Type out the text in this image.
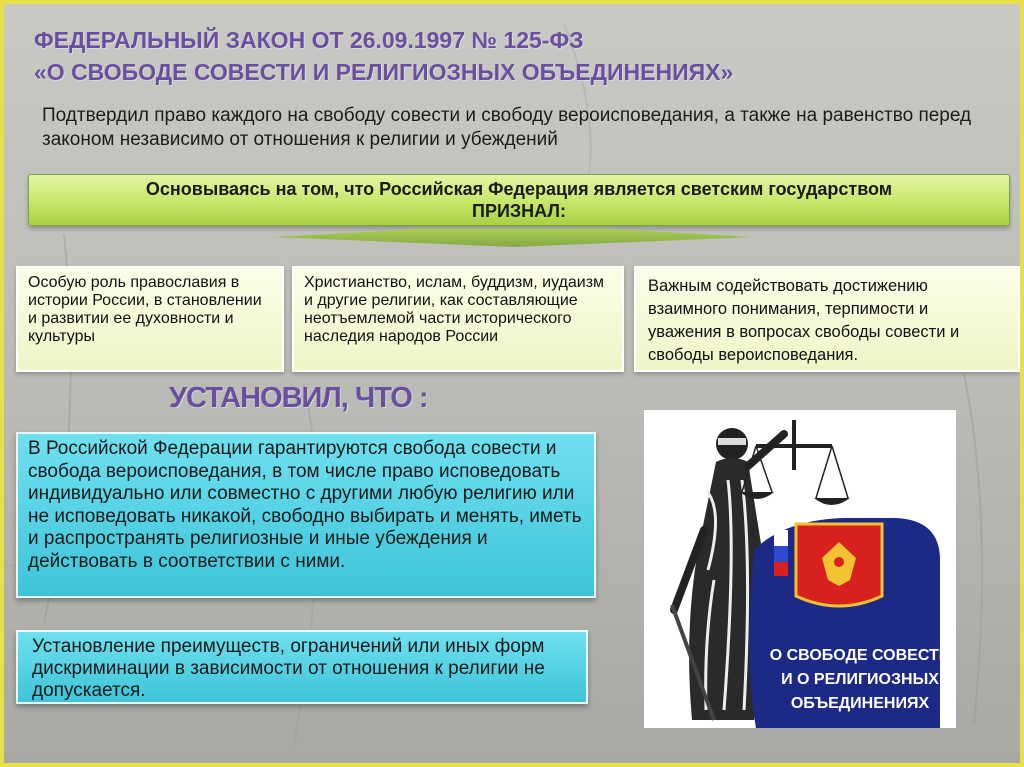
ФЕДЕРАЛЬНЫЙ ЗАКОН ОТ 26.09.1997 № 125-ФЗ
«О СВОБОДЕ СОВЕСТИ И РЕЛИГИОЗНЫХ ОБЪЕДИНЕНИЯХ»

Подтвердил право каждого на свободу совести и свободу вероисповедания, а также на равенство перед законом независимо от отношения к религии и убеждений

Основываясь на том, что Российская Федерация является светским государством
ПРИЗНАЛ:
Особую роль православия в истории России, в становлении и развитии ее духовности и культуры
Христианство, ислам, буддизм, иудаизм и другие религии, как составляющие неотъемлемой части исторического наследия народов России
Важным содействовать достижению взаимного понимания, терпимости и уважения в вопросах свободы совести и свободы вероисповедания.
УСТАНОВИЛ, ЧТО :
В Российской Федерации гарантируются свобода совести и свобода вероисповедания, в том числе право исповедовать индивидуально или совместно с другими любую религию или не исповедовать никакой, свободно выбирать и менять, иметь и распространять религиозные и иные убеждения и действовать в соответствии с ними.
Установление преимуществ, ограничений или иных форм дискриминации в зависимости от отношения к религии не допускается.
О СВОБОДЕ СОВЕСТИ
И О РЕЛИГИОЗНЫХ
ОБЪЕДИНЕНИЯХ
